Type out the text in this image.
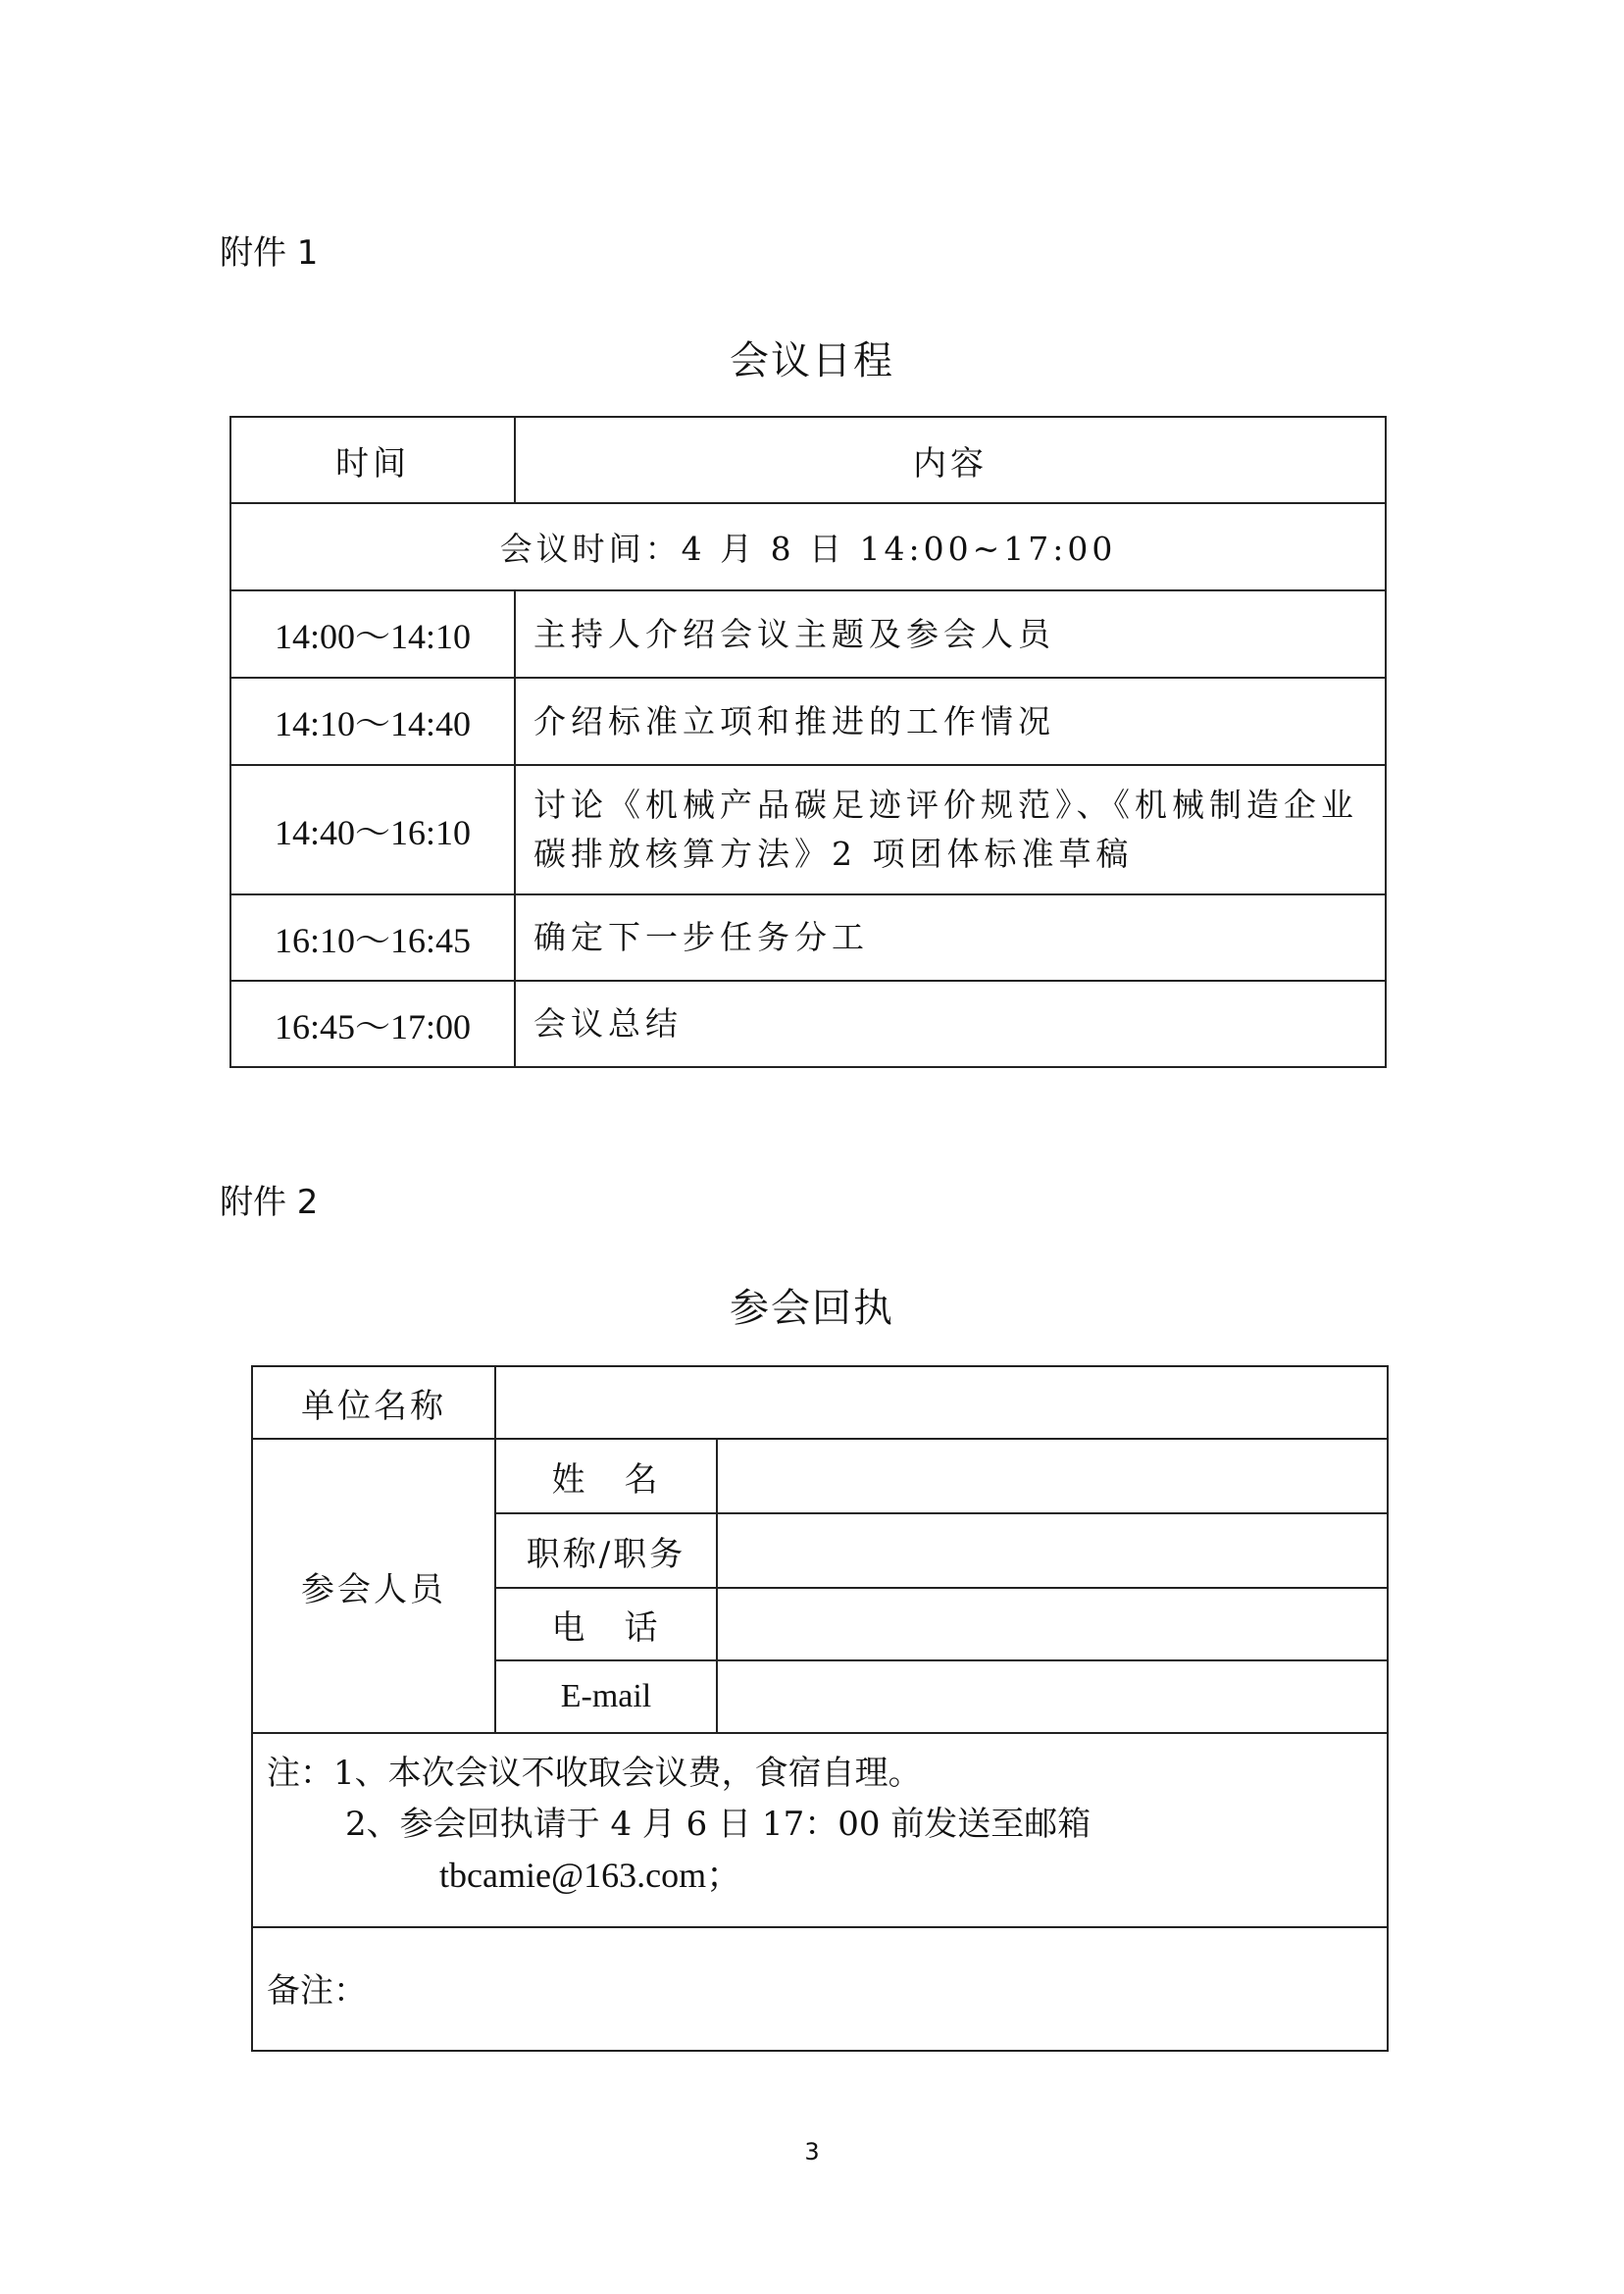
附件 1
会议日程
时间	内容
会议时间：4 月 8 日 14:00~17:00	
14:00～14:10	主持人介绍会议主题及参会人员
14:10～14:40	介绍标准立项和推进的工作情况
14:40～16:10	讨论《机械产品碳足迹评价规范》、《机械制造企业碳排放核算方法》2 项团体标准草稿
16:10～16:45	确定下一步任务分工
16:45～17:00	会议总结
附件 2
参会回执
单位名称		
参会人员	姓　名	
	职称/职务	
	电　话	
	E-mail	

注：1、本次会议不收取会议费，食宿自理。
2、参会回执请于 4 月 6 日 17：00 前发送至邮箱
tbcamie@163.com；		

备注：		
3
